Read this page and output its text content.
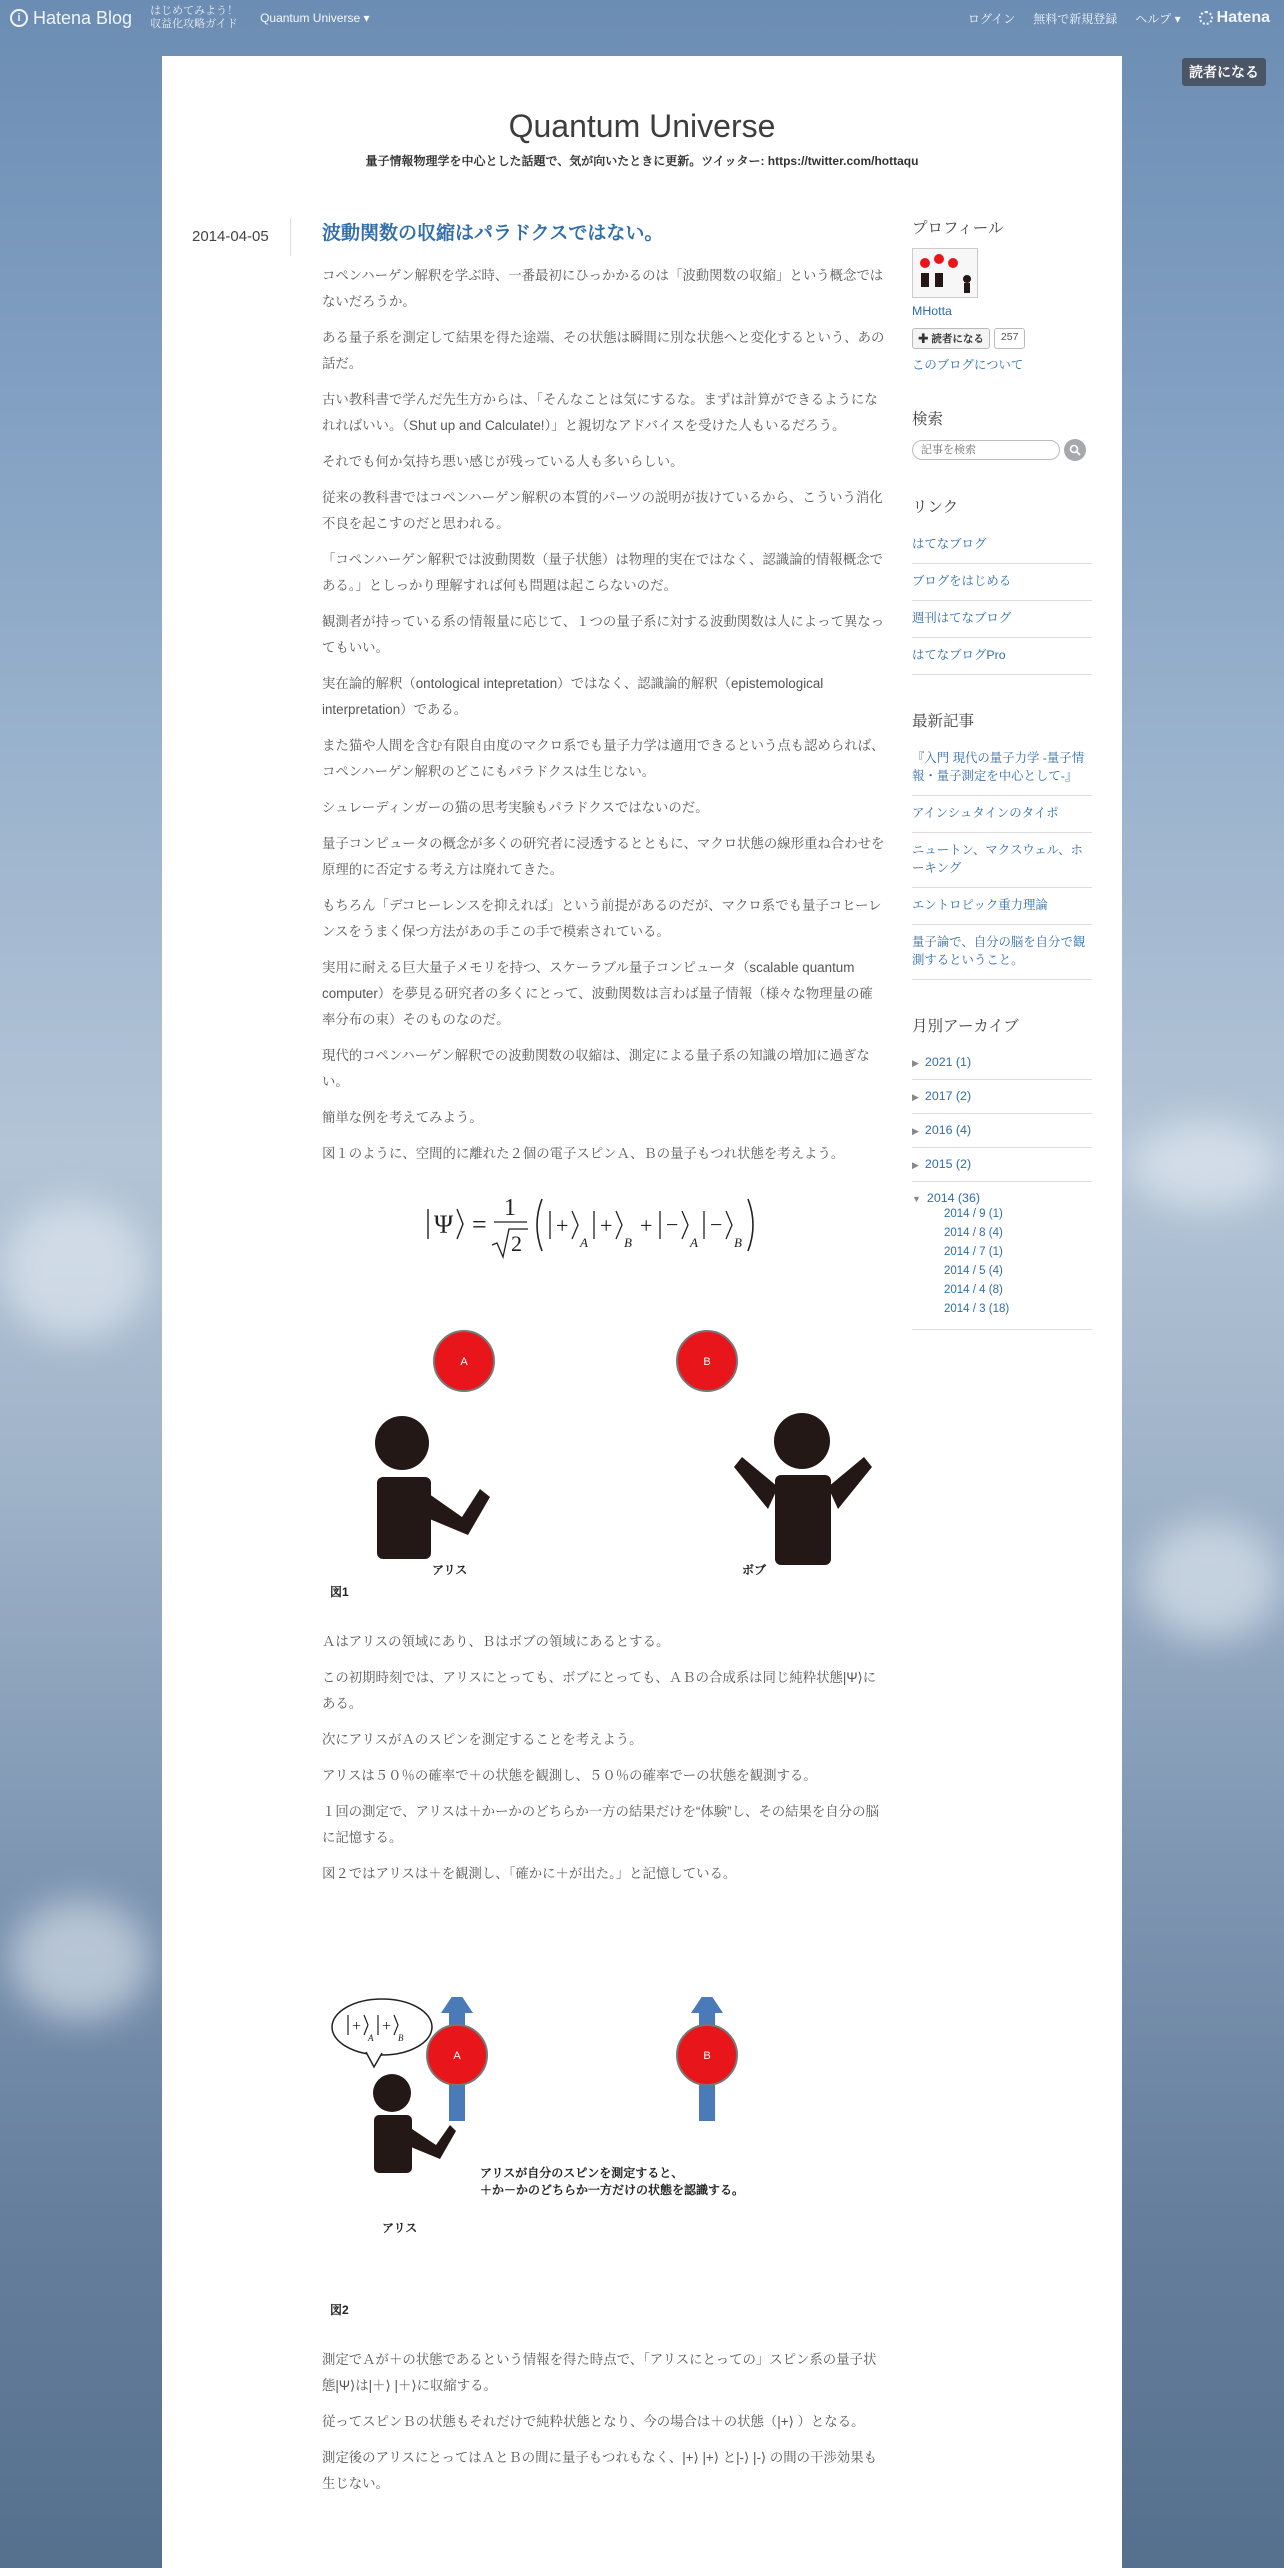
i Hatena Blog はじめてみよう！
収益化攻略ガイド Quantum Universe ▾	ログイン 無料で新規登録 ヘルプ ▾ Hatena
読者になる
Quantum Universe
量子情報物理学を中心とした話題で、気が向いたときに更新。ツイッター: https://twitter.com/hottaqu
2014-04-05	波動関数の収縮はパラドクスではない。

コペンハーゲン解釈を学ぶ時、一番最初にひっかかるのは「波動関数の収縮」という概念ではないだろうか。

ある量子系を測定して結果を得た途端、その状態は瞬間に別な状態へと変化するという、あの話だ。

古い教科書で学んだ先生方からは、「そんなことは気にするな。まずは計算ができるようになれればいい。（Shut up and Calculate!）」と親切なアドバイスを受けた人もいるだろう。

それでも何か気持ち悪い感じが残っている人も多いらしい。

従来の教科書ではコペンハーゲン解釈の本質的パーツの説明が抜けているから、こういう消化不良を起こすのだと思われる。

「コペンハーゲン解釈では波動関数（量子状態）は物理的実在ではなく、認識論的情報概念である。」としっかり理解すれば何も問題は起こらないのだ。

観測者が持っている系の情報量に応じて、１つの量子系に対する波動関数は人によって異なってもいい。

実在論的解釈（ontological intepretation）ではなく、認識論的解釈（epistemological interpretation）である。

また猫や人間を含む有限自由度のマクロ系でも量子力学は適用できるという点も認められば、コペンハーゲン解釈のどこにもパラドクスは生じない。

シュレーディンガーの猫の思考実験もパラドクスではないのだ。

量子コンピュータの概念が多くの研究者に浸透するとともに、マクロ状態の線形重ね合わせを原理的に否定する考え方は廃れてきた。

もちろん「デコヒーレンスを抑えれば」という前提があるのだが、マクロ系でも量子コヒーレンスをうまく保つ方法があの手この手で模索されている。

実用に耐える巨大量子メモリを持つ、スケーラブル量子コンピュータ（scalable quantum computer）を夢見る研究者の多くにとって、波動関数は言わば量子情報（様々な物理量の確率分布の束）そのものなのだ。

現代的コペンハーゲン解釈での波動関数の収縮は、測定による量子系の知識の増加に過ぎない。

簡単な例を考えてみよう。

図１のように、空間的に離れた２個の電子スピンＡ、Ｂの量子もつれ状態を考えよう。

Ψ =
1
2
+
A
+
B
+ −
A
−
B
A	B
アリス	ボブ
図1

Ａはアリスの領域にあり、Ｂはボブの領域にあるとする。

この初期時刻では、アリスにとっても、ボブにとっても、ＡＢの合成系は同じ純粋状態|Ψ⟩にある。

次にアリスがＡのスピンを測定することを考えよう。

アリスは５０％の確率で＋の状態を観測し、５０％の確率でーの状態を観測する。

１回の測定で、アリスは＋かーかのどちらか一方の結果だけを“体験”し、その結果を自分の脳に記憶する。

図２ではアリスは＋を観測し、「確かに＋が出た。」と記憶している。

+
A
+
B
A	B
アリスが自分のスピンを測定すると、
＋か－かのどちらか一方だけの状態を認識する。
アリス
図2

測定でＡが＋の状態であるという情報を得た時点で、「アリスにとっての」スピン系の量子状態|Ψ⟩は|＋⟩ |＋⟩に収縮する。

従ってスピンＢの状態もそれだけで純粋状態となり、今の場合は＋の状態（|+⟩ ）となる。

測定後のアリスにとってはＡとＢの間に量子もつれもなく、|+⟩ |+⟩ と|-⟩ |-⟩ の間の干渉効果も生じない。

プロフィール
MHotta
✚ 読者になる	257
このブログについて
検索
記事を検索
リンク
はてなブログ
ブログをはじめる
週刊はてなブログ
はてなブログPro
最新記事
『入門 現代の量子力学 -量子情報・量子測定を中心として-』
アインシュタインのタイポ
ニュートン、マクスウェル、ホーキング
エントロピック重力理論
量子論で、自分の脳を自分で観測するということ。
月別アーカイブ
▶ 2021 (1)
▶ 2017 (2)
▶ 2016 (4)
▶ 2015 (2)
▼ 2014 (36)
2014 / 9 (1)
2014 / 8 (4)
2014 / 7 (1)
2014 / 5 (4)
2014 / 4 (8)
2014 / 3 (18)
